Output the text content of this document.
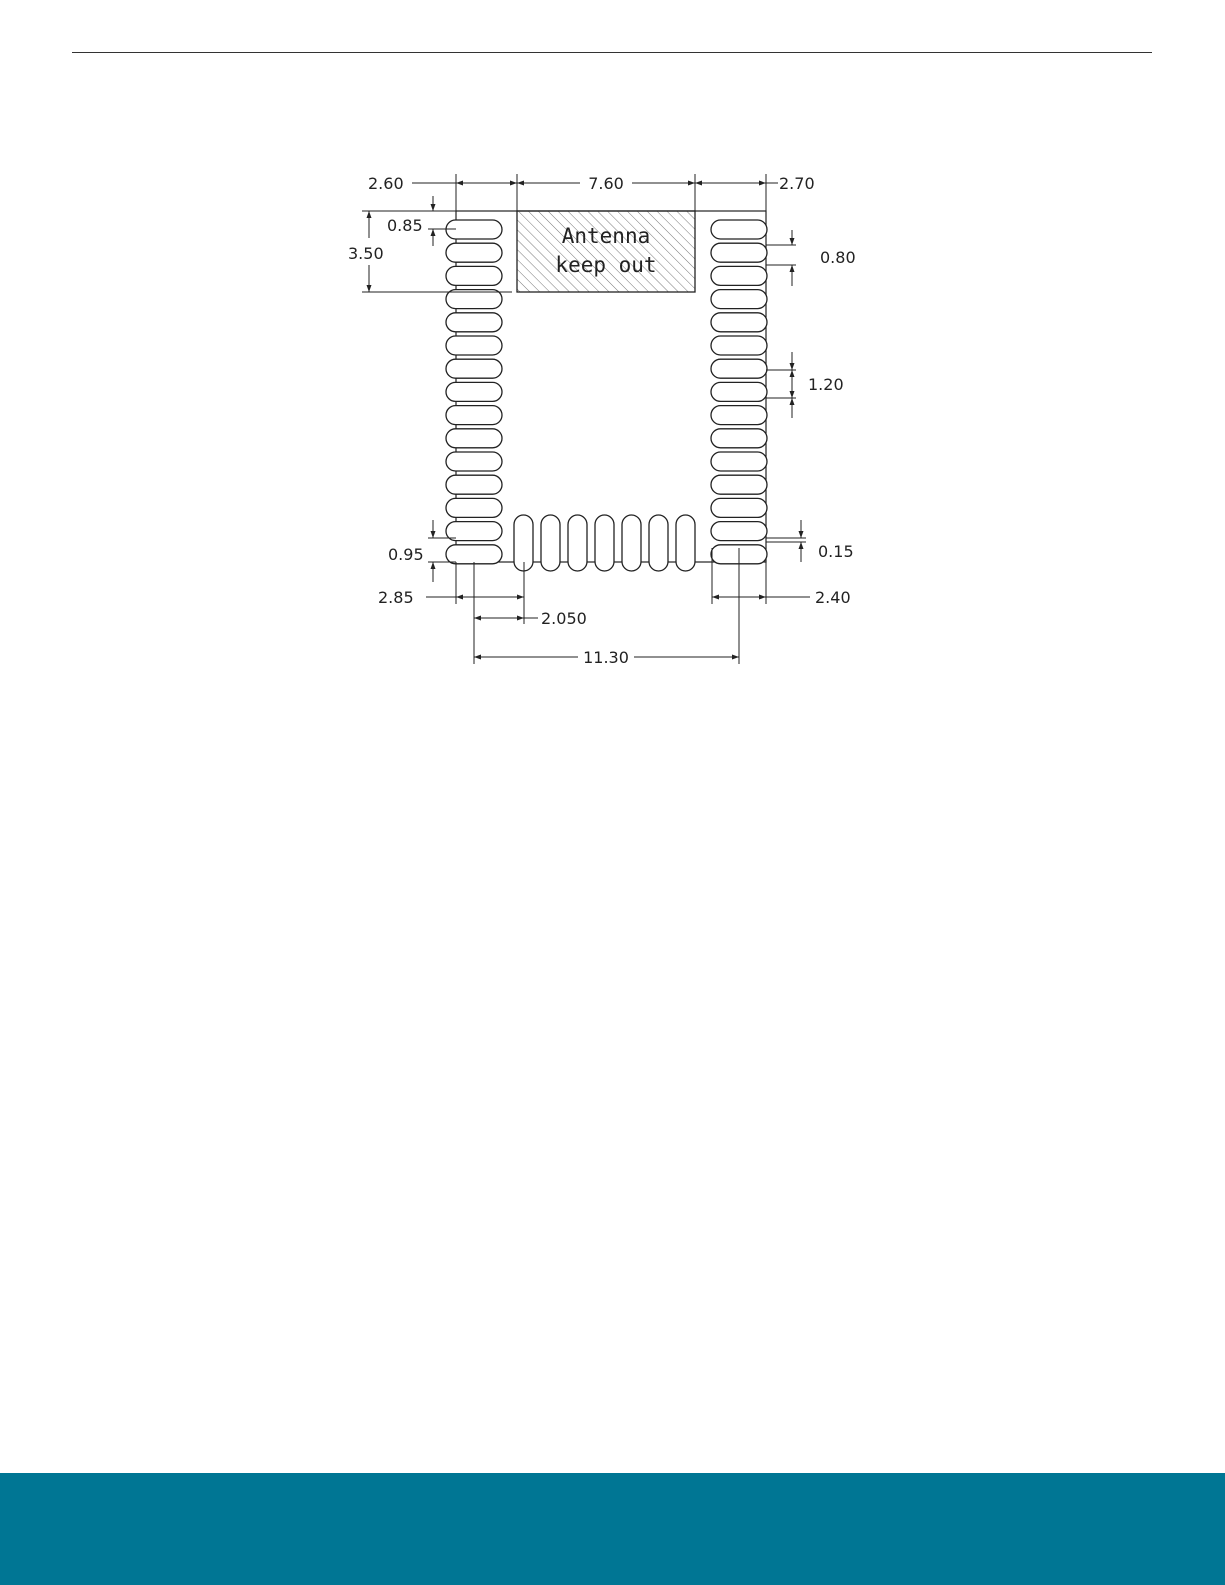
Antenna
keep out
2.60	7.60	2.70
0.85
3.50	0.80
1.20
0.95	0.15
2.85
2.050
2.40
11.30
